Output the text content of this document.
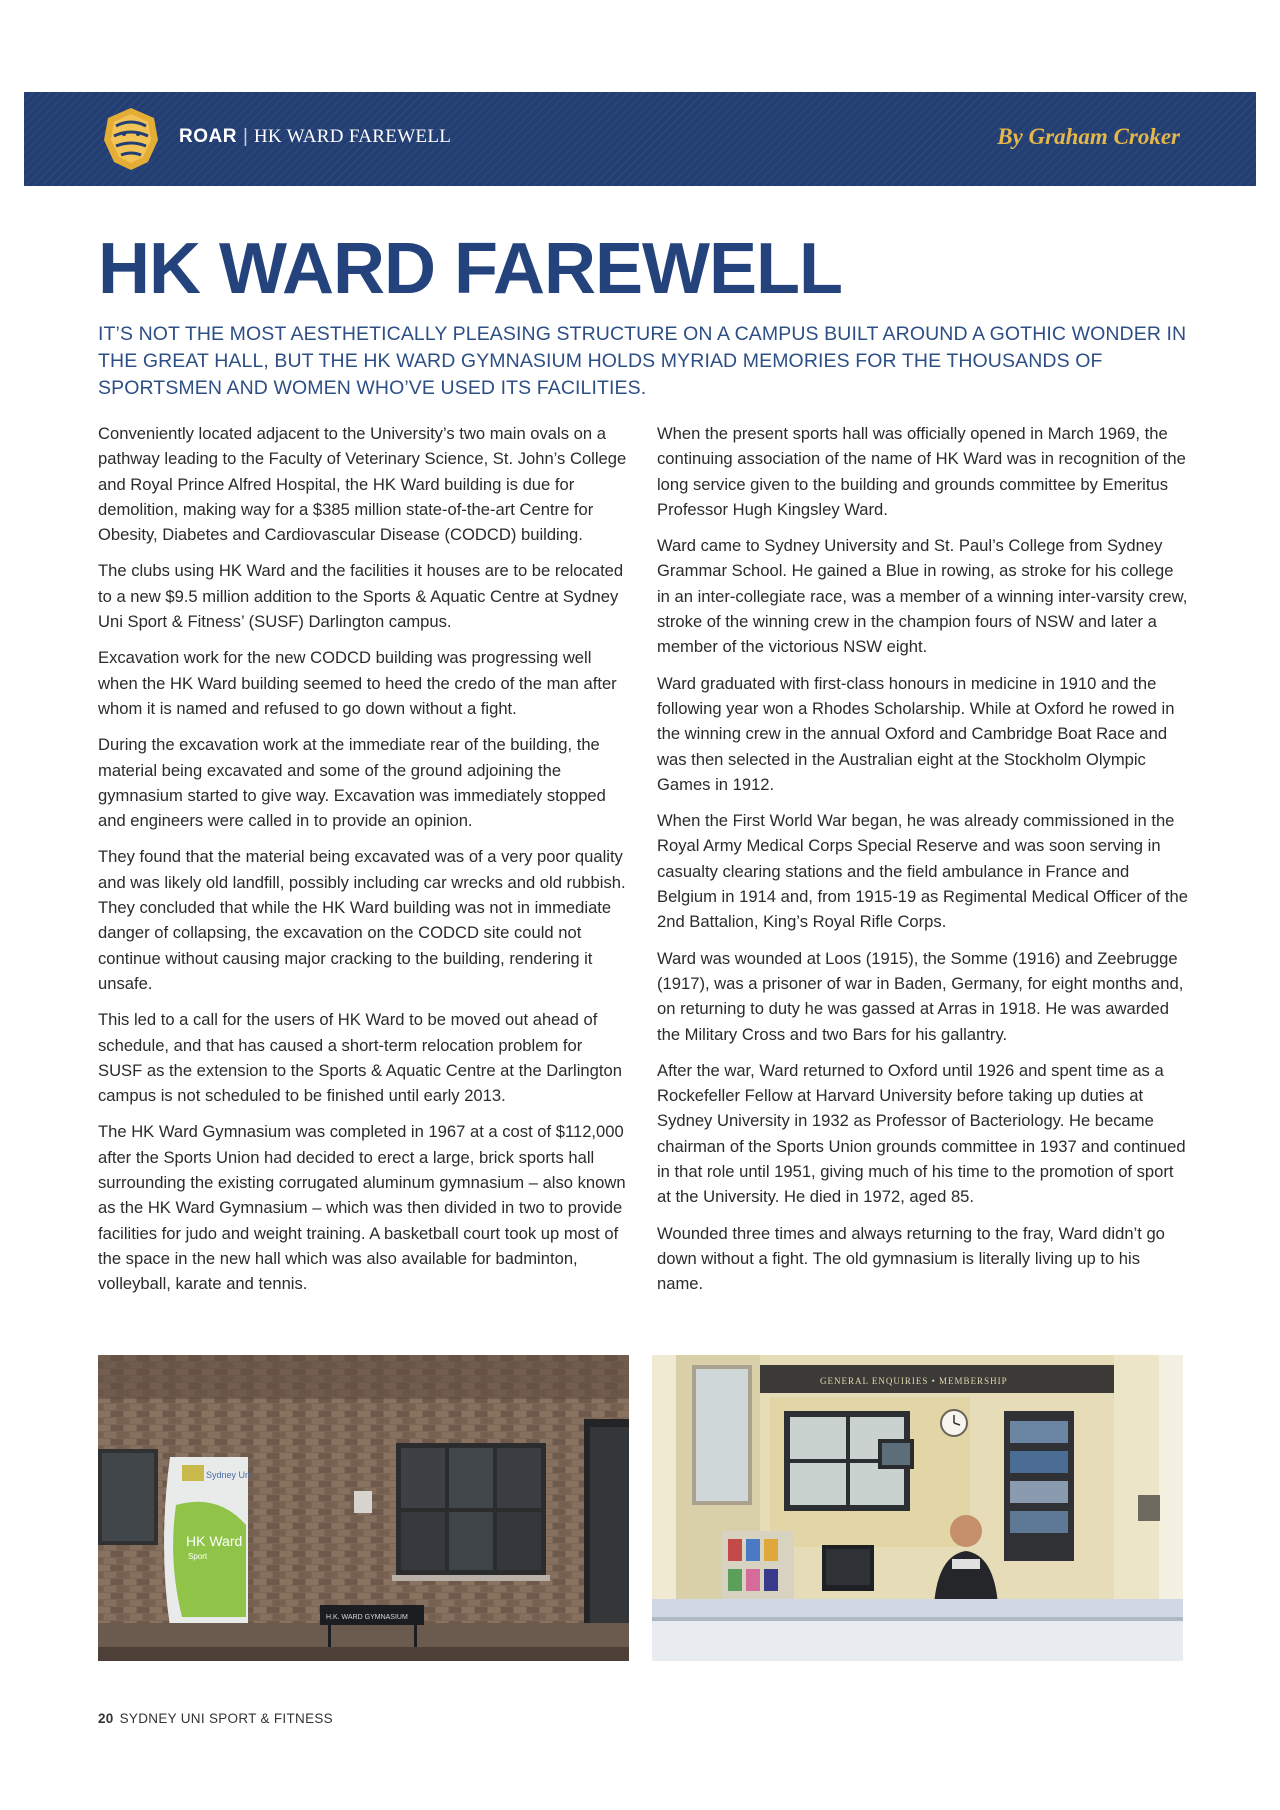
ROAR | HK WARD FAREWELL	By Graham Croker
HK WARD FAREWELL

IT’S NOT THE MOST AESTHETICALLY PLEASING STRUCTURE ON A CAMPUS BUILT AROUND A GOTHIC WONDER IN THE GREAT HALL, BUT THE HK WARD GYMNASIUM HOLDS MYRIAD MEMORIES FOR THE THOUSANDS OF SPORTSMEN AND WOMEN WHO’VE USED ITS FACILITIES.

Conveniently located adjacent to the University’s two main ovals on a pathway leading to the Faculty of Veterinary Science, St. John’s College and Royal Prince Alfred Hospital, the HK Ward building is due for demolition, making way for a $385 million state-of-the-art Centre for Obesity, Diabetes and Cardiovascular Disease (CODCD) building.

The clubs using HK Ward and the facilities it houses are to be relocated to a new $9.5 million addition to the Sports & Aquatic Centre at Sydney Uni Sport & Fitness’ (SUSF) Darlington campus.

Excavation work for the new CODCD building was progressing well when the HK Ward building seemed to heed the credo of the man after whom it is named and refused to go down without a fight.

During the excavation work at the immediate rear of the building, the material being excavated and some of the ground adjoining the gymnasium started to give way. Excavation was immediately stopped and engineers were called in to provide an opinion.

They found that the material being excavated was of a very poor quality and was likely old landfill, possibly including car wrecks and old rubbish. They concluded that while the HK Ward building was not in immediate danger of collapsing, the excavation on the CODCD site could not continue without causing major cracking to the building, rendering it unsafe.

This led to a call for the users of HK Ward to be moved out ahead of schedule, and that has caused a short-term relocation problem for SUSF as the extension to the Sports & Aquatic Centre at the Darlington campus is not scheduled to be finished until early 2013.

The HK Ward Gymnasium was completed in 1967 at a cost of $112,000 after the Sports Union had decided to erect a large, brick sports hall surrounding the existing corrugated aluminum gymnasium – also known as the HK Ward Gymnasium – which was then divided in two to provide facilities for judo and weight training. A basketball court took up most of the space in the new hall which was also available for badminton, volleyball, karate and tennis.

When the present sports hall was officially opened in March 1969, the continuing association of the name of HK Ward was in recognition of the long service given to the building and grounds committee by Emeritus Professor Hugh Kingsley Ward.

Ward came to Sydney University and St. Paul’s College from Sydney Grammar School. He gained a Blue in rowing, as stroke for his college in an inter-collegiate race, was a member of a winning inter-varsity crew, stroke of the winning crew in the champion fours of NSW and later a member of the victorious NSW eight.

Ward graduated with first-class honours in medicine in 1910 and the following year won a Rhodes Scholarship. While at Oxford he rowed in the winning crew in the annual Oxford and Cambridge Boat Race and was then selected in the Australian eight at the Stockholm Olympic Games in 1912.

When the First World War began, he was already commissioned in the Royal Army Medical Corps Special Reserve and was soon serving in casualty clearing stations and the field ambulance in France and Belgium in 1914 and, from 1915-19 as Regimental Medical Officer of the 2nd Battalion, King’s Royal Rifle Corps.

Ward was wounded at Loos (1915), the Somme (1916) and Zeebrugge (1917), was a prisoner of war in Baden, Germany, for eight months and, on returning to duty he was gassed at Arras in 1918. He was awarded the Military Cross and two Bars for his gallantry.

After the war, Ward returned to Oxford until 1926 and spent time as a Rockefeller Fellow at Harvard University before taking up duties at Sydney University in 1932 as Professor of Bacteriology. He became chairman of the Sports Union grounds committee in 1937 and continued in that role until 1951, giving much of his time to the promotion of sport at the University. He died in 1972, aged 85.

Wounded three times and always returning to the fray, Ward didn’t go down without a fight. The old gymnasium is literally living up to his name.

Sydney Uni
HK Ward
Sport
H.K. WARD GYMNASIUM
GENERAL ENQUIRIES • MEMBERSHIP
20 SYDNEY UNI SPORT & FITNESS
